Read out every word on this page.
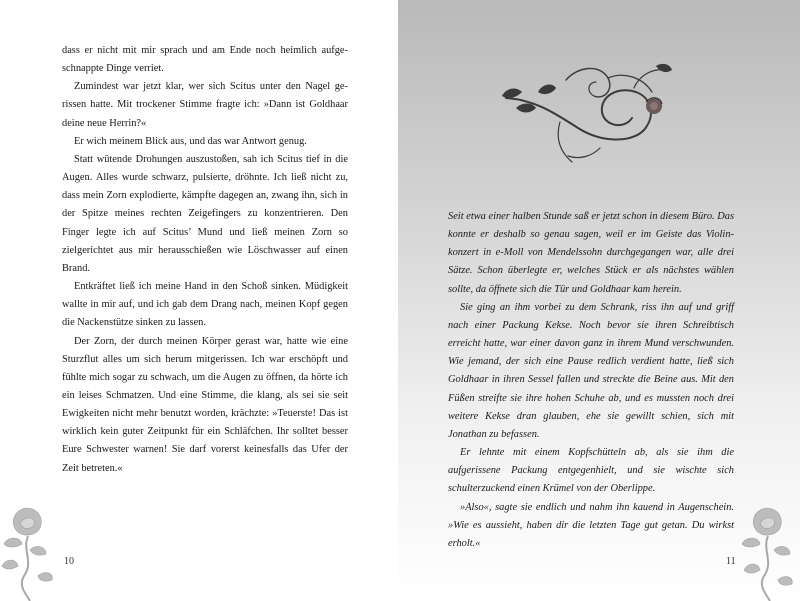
dass er nicht mit mir sprach und am Ende noch heimlich aufgeschnappte Dinge verriet.

Zumindest war jetzt klar, wer sich Scitus unter den Nagel gerissen hatte. Mit trockener Stimme fragte ich: »Dann ist Goldhaar deine neue Herrin?«

Er wich meinem Blick aus, und das war Antwort genug.

Statt wütende Drohungen auszustoßen, sah ich Scitus tief in die Augen. Alles wurde schwarz, pulsierte, dröhnte. Ich ließ nicht zu, dass mein Zorn explodierte, kämpfte dagegen an, zwang ihn, sich in der Spitze meines rechten Zeigefingers zu konzentrieren. Den Finger legte ich auf Scitus’ Mund und ließ meinen Zorn so zielgerichtet aus mir herausschießen wie Löschwasser auf einen Brand.

Entkräftet ließ ich meine Hand in den Schoß sinken. Müdigkeit wallte in mir auf, und ich gab dem Drang nach, meinen Kopf gegen die Nackenstütze sinken zu lassen.

Der Zorn, der durch meinen Körper gerast war, hatte wie eine Sturzflut alles um sich herum mitgerissen. Ich war erschöpft und fühlte mich sogar zu schwach, um die Augen zu öffnen, da hörte ich ein leises Schmatzen. Und eine Stimme, die klang, als sei sie seit Ewigkeiten nicht mehr benutzt worden, krächzte: »Teuerste! Das ist wirklich kein guter Zeitpunkt für ein Schläfchen. Ihr solltet besser Eure Schwester warnen! Sie darf vorerst keinesfalls das Ufer der Zeit betreten.«

Seit etwa einer halben Stunde saß er jetzt schon in diesem Büro. Das konnte er deshalb so genau sagen, weil er im Geiste das Violinkonzert in e-Moll von Mendelssohn durchgegangen war, alle drei Sätze. Schon überlegte er, welches Stück er als nächstes wählen sollte, da öffnete sich die Tür und Goldhaar kam herein.

Sie ging an ihm vorbei zu dem Schrank, riss ihn auf und griff nach einer Packung Kekse. Noch bevor sie ihren Schreibtisch erreicht hatte, war einer davon ganz in ihrem Mund verschwunden. Wie jemand, der sich eine Pause redlich verdient hatte, ließ sich Goldhaar in ihren Sessel fallen und streckte die Beine aus. Mit den Füßen streifte sie ihre hohen Schuhe ab, und es mussten noch drei weitere Kekse dran glauben, ehe sie gewillt schien, sich mit Jonathan zu befassen.

Er lehnte mit einem Kopfschütteln ab, als sie ihm die aufgerissene Packung entgegenhielt, und sie wischte sich schulterzuckend einen Krümel von der Oberlippe.

»Also«, sagte sie endlich und nahm ihn kauend in Augenschein. »Wie es aussieht, haben dir die letzten Tage gut getan. Du wirkst erholt.«

10	11
